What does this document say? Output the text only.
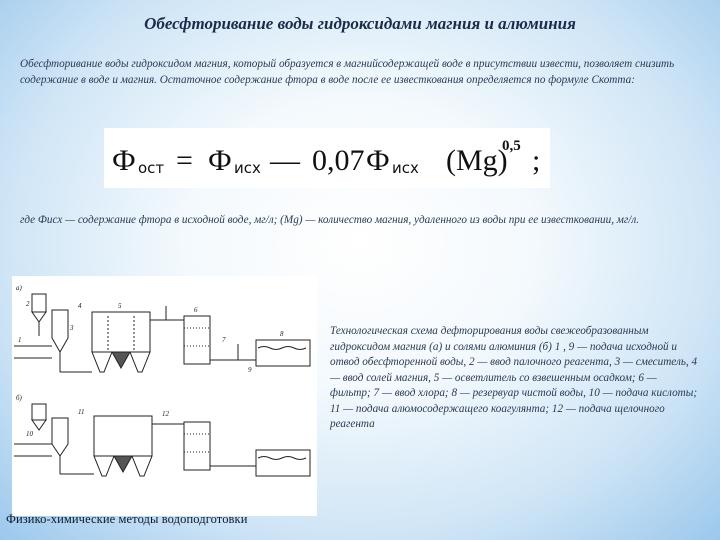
Обесфторивание воды гидроксидами магния и алюминия
Обесфторивание воды гидроксидом магния, который образуется в магнийсодержащей воде в присутствии извести, позволяет снизить содержание в воде и магния. Остаточное содержание фтора в воде после ее известкования определяется по формуле Скотта:
Ф ост = Ф исх — 0,07 Ф исх (Mg)
0,5 ;
где Фисх — содержание фтора в исходной воде, мг/л; (Mg) — количество магния, удаленного из воды при ее известковании, мг/л.
а)
б)
1
2
3
4	5	6
7
8
9
10
11	12
Технологическая схема дефторирования воды свежеобразованным гидроксидом магния (а) и солями алюминия (б) 1 , 9 — подача исходной и отвод обесфторенной воды, 2 — ввод палочного реагента, 3 — смеситель, 4 — ввод солей магния, 5 — осветлитель со взвешенным осадком; 6 — фильтр; 7 — ввод хлора; 8 — резервуар чистой воды, 10 — подача кислоты; 11 — подача алюмосодержащего коагулянта; 12 — подача щелочного реагента
Физико-химические методы водоподготовки
